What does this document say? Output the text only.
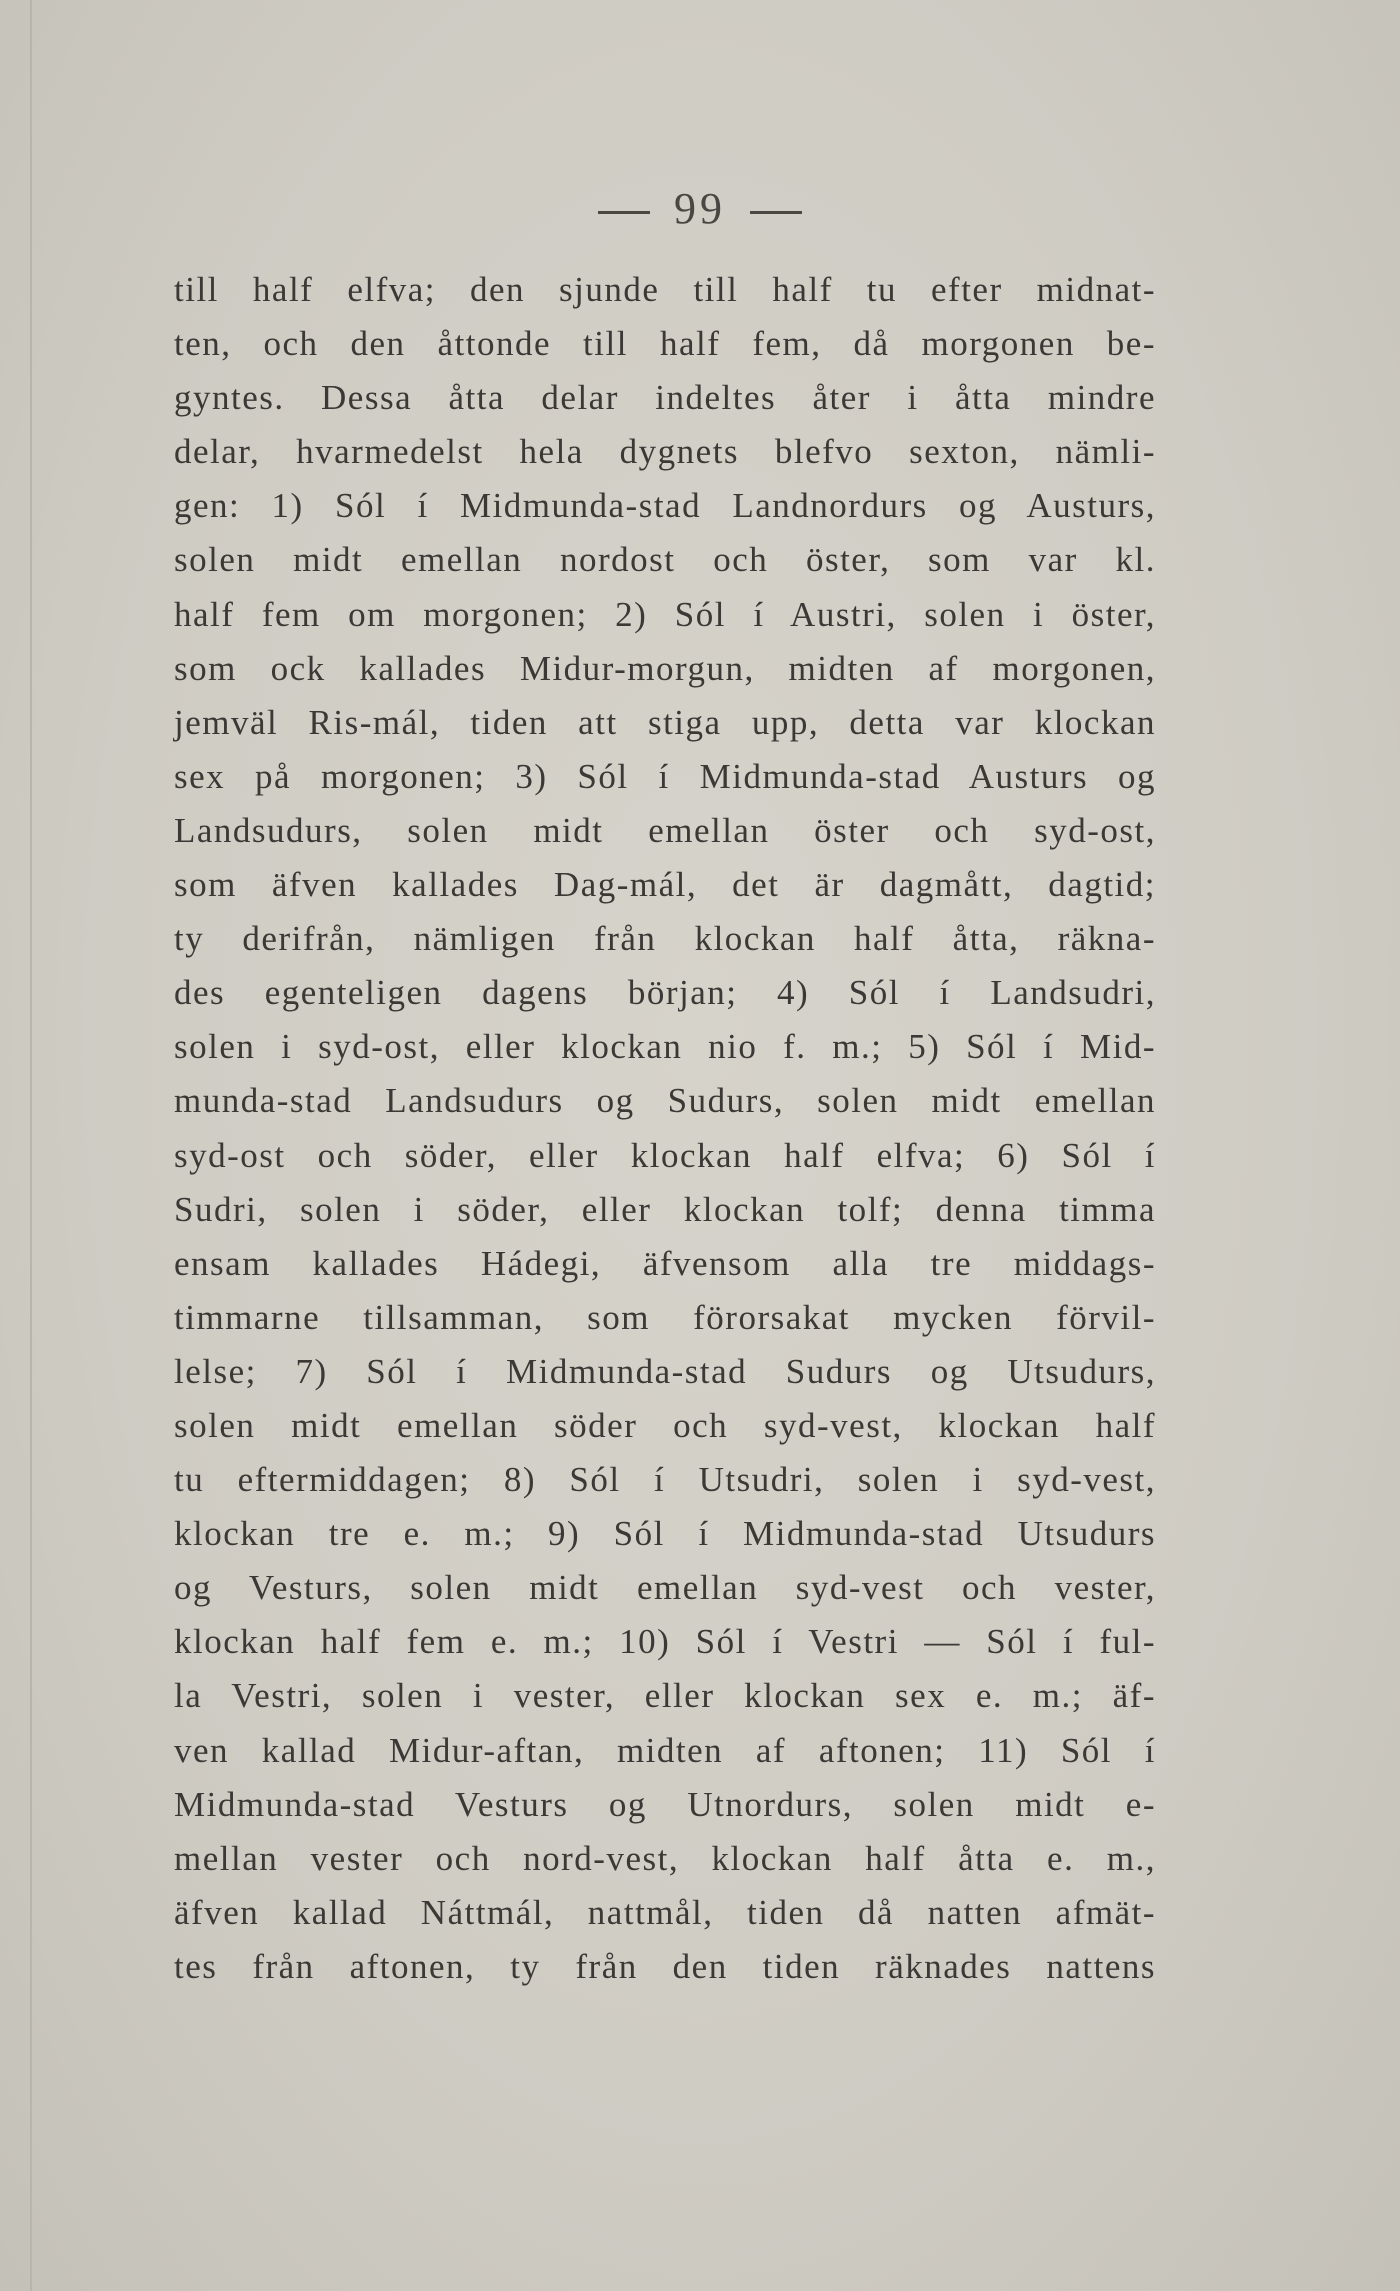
99
till half elfva; den sjunde till half tu efter midnat-
ten, och den åttonde till half fem, då morgonen be-
gyntes. Dessa åtta delar indeltes åter i åtta mindre
delar, hvarmedelst hela dygnets blefvo sexton, nämli-
gen: 1) Sól í Midmunda-stad Landnordurs og Austurs,
solen midt emellan nordost och öster, som var kl.
half fem om morgonen; 2) Sól í Austri, solen i öster,
som ock kallades Midur-morgun, midten af morgonen,
jemväl Ris-mál, tiden att stiga upp, detta var klockan
sex på morgonen; 3) Sól í Midmunda-stad Austurs og
Landsudurs, solen midt emellan öster och syd-ost,
som äfven kallades Dag-mál, det är dagmått, dagtid;
ty derifrån, nämligen från klockan half åtta, räkna-
des egenteligen dagens början; 4) Sól í Landsudri,
solen i syd-ost, eller klockan nio f. m.; 5) Sól í Mid-
munda-stad Landsudurs og Sudurs, solen midt emellan
syd-ost och söder, eller klockan half elfva; 6) Sól í
Sudri, solen i söder, eller klockan tolf; denna timma
ensam kallades Hádegi, äfvensom alla tre middags-
timmarne tillsamman, som förorsakat mycken förvil-
lelse; 7) Sól í Midmunda-stad Sudurs og Utsudurs,
solen midt emellan söder och syd-vest, klockan half
tu eftermiddagen; 8) Sól í Utsudri, solen i syd-vest,
klockan tre e. m.; 9) Sól í Midmunda-stad Utsudurs
og Vesturs, solen midt emellan syd-vest och vester,
klockan half fem e. m.; 10) Sól í Vestri — Sól í ful-
la Vestri, solen i vester, eller klockan sex e. m.; äf-
ven kallad Midur-aftan, midten af aftonen; 11) Sól í
Midmunda-stad Vesturs og Utnordurs, solen midt e-
mellan vester och nord-vest, klockan half åtta e. m.,
äfven kallad Náttmál, nattmål, tiden då natten afmät-
tes från aftonen, ty från den tiden räknades nattens
